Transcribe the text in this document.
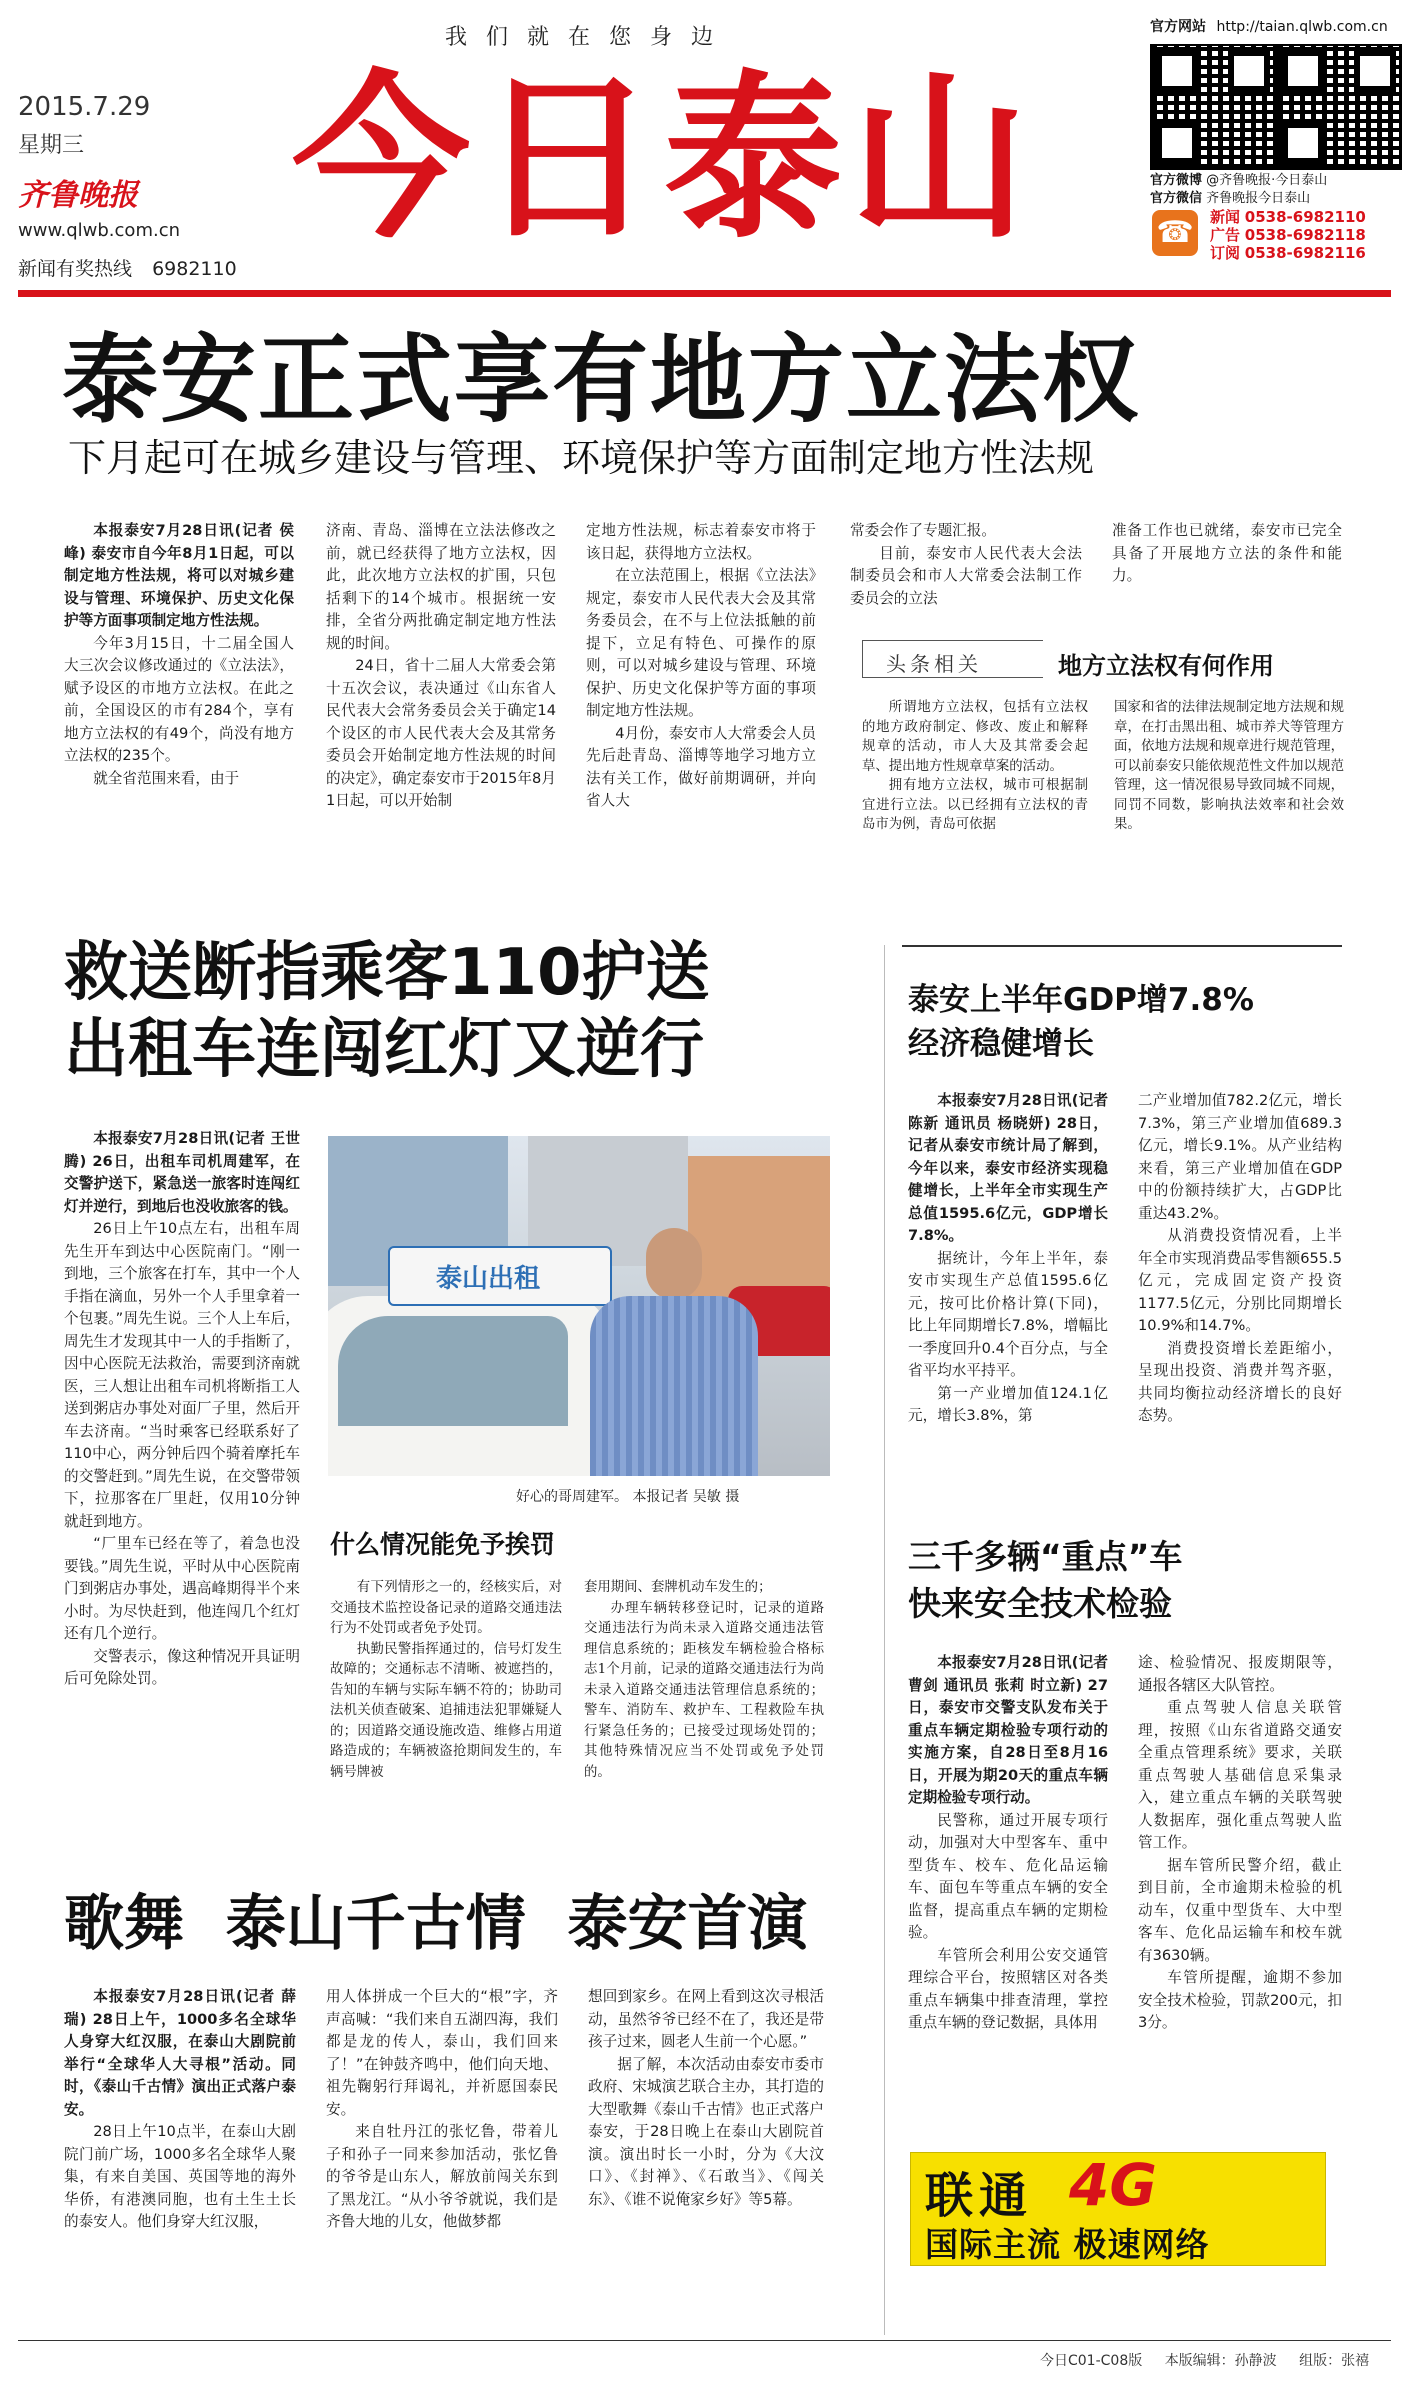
我 们 就 在 您 身 边
2015.7.29
星期三
齐鲁晚报
www.qlwb.com.cn
新闻有奖热线 6982110
今日泰山
官方网站 http://taian.qlwb.com.cn
官方微博 @齐鲁晚报·今日泰山
官方微信 齐鲁晚报今日泰山
☎ 新闻 0538-6982110
广告 0538-6982118
订阅 0538-6982116
泰安正式享有地方立法权
下月起可在城乡建设与管理、环境保护等方面制定地方性法规

本报泰安7月28日讯(记者 侯峰) 泰安市自今年8月1日起，可以制定地方性法规，将可以对城乡建设与管理、环境保护、历史文化保护等方面事项制定地方性法规。

今年3月15日，十二届全国人大三次会议修改通过的《立法法》，赋予设区的市地方立法权。在此之前，全国设区的市有284个，享有地方立法权的有49个，尚没有地方立法权的235个。

就全省范围来看，由于

济南、青岛、淄博在立法法修改之前，就已经获得了地方立法权，因此，此次地方立法权的扩围，只包括剩下的14个城市。根据统一安排，全省分两批确定制定地方性法规的时间。

24日，省十二届人大常委会第十五次会议，表决通过《山东省人民代表大会常务委员会关于确定14个设区的市人民代表大会及其常务委员会开始制定地方性法规的时间的决定》，确定泰安市于2015年8月1日起，可以开始制

定地方性法规，标志着泰安市将于该日起，获得地方立法权。

在立法范围上，根据《立法法》规定，泰安市人民代表大会及其常务委员会，在不与上位法抵触的前提下，立足有特色、可操作的原则，可以对城乡建设与管理、环境保护、历史文化保护等方面的事项制定地方性法规。

4月份，泰安市人大常委会人员先后赴青岛、淄博等地学习地方立法有关工作，做好前期调研，并向省人大

常委会作了专题汇报。

目前，泰安市人民代表大会法制委员会和市人大常委会法制工作委员会的立法

准备工作也已就绪，泰安市已完全具备了开展地方立法的条件和能力。

头条相关	地方立法权有何作用

所谓地方立法权，包括有立法权的地方政府制定、修改、废止和解释规章的活动，市人大及其常委会起草、提出地方性规章草案的活动。

拥有地方立法权，城市可根据制宜进行立法。以已经拥有立法权的青岛市为例，青岛可依据

国家和省的法律法规制定地方法规和规章，在打击黑出租、城市养犬等管理方面，依地方法规和规章进行规范管理，可以前泰安只能依规范性文件加以规范管理，这一情况很易导致同城不同规，同罚不同数，影响执法效率和社会效果。

救送断指乘客110护送
出租车连闯红灯又逆行

本报泰安7月28日讯(记者 王世腾) 26日，出租车司机周建军，在交警护送下，紧急送一旅客时连闯红灯并逆行，到地后也没收旅客的钱。

26日上午10点左右，出租车周先生开车到达中心医院南门。“刚一到地，三个旅客在打车，其中一个人手指在滴血，另外一个人手里拿着一个包裹。”周先生说。三个人上车后，周先生才发现其中一人的手指断了，因中心医院无法救治，需要到济南就医，三人想让出租车司机将断指工人送到粥店办事处对面厂子里，然后开车去济南。“当时乘客已经联系好了110中心，两分钟后四个骑着摩托车的交警赶到。”周先生说，在交警带领下，拉那客在厂里赶，仅用10分钟就赶到地方。

“厂里车已经在等了，着急也没要钱。”周先生说，平时从中心医院南门到粥店办事处，遇高峰期得半个来小时。为尽快赶到，他连闯几个红灯还有几个逆行。

交警表示，像这种情况开具证明后可免除处罚。

泰山出租
好心的哥周建军。 本报记者 吴敏 摄
什么情况能免予挨罚

有下列情形之一的，经核实后，对交通技术监控设备记录的道路交通违法行为不处罚或者免予处罚。

执勤民警指挥通过的，信号灯发生故障的；交通标志不清晰、被遮挡的，告知的车辆与实际车辆不符的；协助司法机关侦查破案、追捕违法犯罪嫌疑人的；因道路交通设施改造、维修占用道路造成的；车辆被盗抢期间发生的，车辆号牌被

套用期间、套牌机动车发生的；

办理车辆转移登记时，记录的道路交通违法行为尚未录入道路交通违法管理信息系统的；距核发车辆检验合格标志1个月前，记录的道路交通违法行为尚未录入道路交通违法管理信息系统的；警车、消防车、救护车、工程救险车执行紧急任务的；已接受过现场处罚的；其他特殊情况应当不处罚或免予处罚的。

泰安上半年GDP增7.8%
经济稳健增长

本报泰安7月28日讯(记者 陈新 通讯员 杨晓妍) 28日，记者从泰安市统计局了解到，今年以来，泰安市经济实现稳健增长，上半年全市实现生产总值1595.6亿元，GDP增长7.8%。

据统计，今年上半年，泰安市实现生产总值1595.6亿元，按可比价格计算(下同)，比上年同期增长7.8%，增幅比一季度回升0.4个百分点，与全省平均水平持平。

第一产业增加值124.1亿元，增长3.8%，第

二产业增加值782.2亿元，增长7.3%，第三产业增加值689.3亿元，增长9.1%。从产业结构来看，第三产业增加值在GDP中的份额持续扩大，占GDP比重达43.2%。

从消费投资情况看，上半年全市实现消费品零售额655.5亿元，完成固定资产投资1177.5亿元，分别比同期增长10.9%和14.7%。

消费投资增长差距缩小，呈现出投资、消费并驾齐驱，共同均衡拉动经济增长的良好态势。

三千多辆“重点”车
快来安全技术检验

本报泰安7月28日讯(记者 曹剑 通讯员 张莉 时立新) 27日，泰安市交警支队发布关于重点车辆定期检验专项行动的实施方案，自28日至8月16日，开展为期20天的重点车辆定期检验专项行动。

民警称，通过开展专项行动，加强对大中型客车、重中型货车、校车、危化品运输车、面包车等重点车辆的安全监督，提高重点车辆的定期检验。

车管所会利用公安交通管理综合平台，按照辖区对各类重点车辆集中排查清理，掌控重点车辆的登记数据，具体用

途、检验情况、报废期限等，通报各辖区大队管控。

重点驾驶人信息关联管理，按照《山东省道路交通安全重点管理系统》要求，关联重点驾驶人基础信息采集录入，建立重点车辆的关联驾驶人数据库，强化重点驾驶人监管工作。

据车管所民警介绍，截止到目前，全市逾期未检验的机动车，仅重中型货车、大中型客车、危化品运输车和校车就有3630辆。

车管所提醒，逾期不参加安全技术检验，罚款200元，扣3分。

歌舞  泰山千古情  泰安首演

本报泰安7月28日讯(记者 薛瑞) 28日上午，1000多名全球华人身穿大红汉服，在泰山大剧院前举行“全球华人大寻根”活动。同时，《泰山千古情》演出正式落户泰安。

28日上午10点半，在泰山大剧院门前广场，1000多名全球华人聚集，有来自美国、英国等地的海外华侨，有港澳同胞，也有土生土长的泰安人。他们身穿大红汉服，

用人体拼成一个巨大的“根”字，齐声高喊：“我们来自五湖四海，我们都是龙的传人，泰山，我们回来了！”在钟鼓齐鸣中，他们向天地、祖先鞠躬行拜谒礼，并祈愿国泰民安。

来自牡丹江的张忆鲁，带着儿子和孙子一同来参加活动，张忆鲁的爷爷是山东人，解放前闯关东到了黑龙江。“从小爷爷就说，我们是齐鲁大地的儿女，他做梦都

想回到家乡。在网上看到这次寻根活动，虽然爷爷已经不在了，我还是带孩子过来，圆老人生前一个心愿。”

据了解，本次活动由泰安市委市政府、宋城演艺联合主办，其打造的大型歌舞《泰山千古情》也正式落户泰安，于28日晚上在泰山大剧院首演。演出时长一小时，分为《大汶口》、《封禅》、《石敢当》、《闯关东》、《谁不说俺家乡好》等5幕。	联通 4G
国际主流 极速网络
今日C01-C08版 本版编辑：孙静波 组版：张禧
